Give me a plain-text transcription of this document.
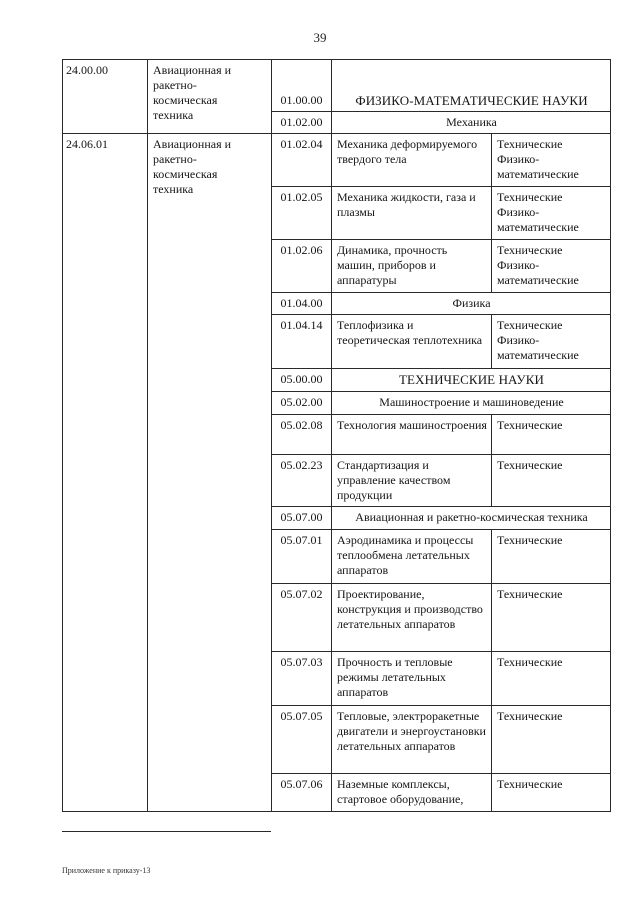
39
24.00.00	Авиационная и ракетно-космическая техника	01.00.00	ФИЗИКО-МАТЕМАТИЧЕСКИЕ НАУКИ	
		01.02.00	Механика	
24.06.01	Авиационная и ракетно-космическая техника	01.02.04	Механика деформируемого твердого тела	Технические Физико-математические
		01.02.05	Механика жидкости, газа и плазмы	Технические Физико-математические
		01.02.06	Динамика, прочность машин, приборов и аппаратуры	Технические Физико-математические
		01.04.00	Физика	
		01.04.14	Теплофизика и теоретическая теплотехника	Технические Физико-математические
		05.00.00	ТЕХНИЧЕСКИЕ НАУКИ	
		05.02.00	Машиностроение и машиноведение	
		05.02.08	Технология машиностроения	Технические
		05.02.23	Стандартизация и управление качеством продукции	Технические
		05.07.00	Авиационная и ракетно-космическая техника	
		05.07.01	Аэродинамика и процессы теплообмена летательных аппаратов	Технические
		05.07.02	Проектирование, конструкция и производство летательных аппаратов	Технические
		05.07.03	Прочность и тепловые режимы летательных аппаратов	Технические
		05.07.05	Тепловые, электроракетные двигатели и энергоустановки летательных аппаратов	Технические
		05.07.06	Наземные комплексы, стартовое оборудование,	Технические
Приложение к приказу-13
